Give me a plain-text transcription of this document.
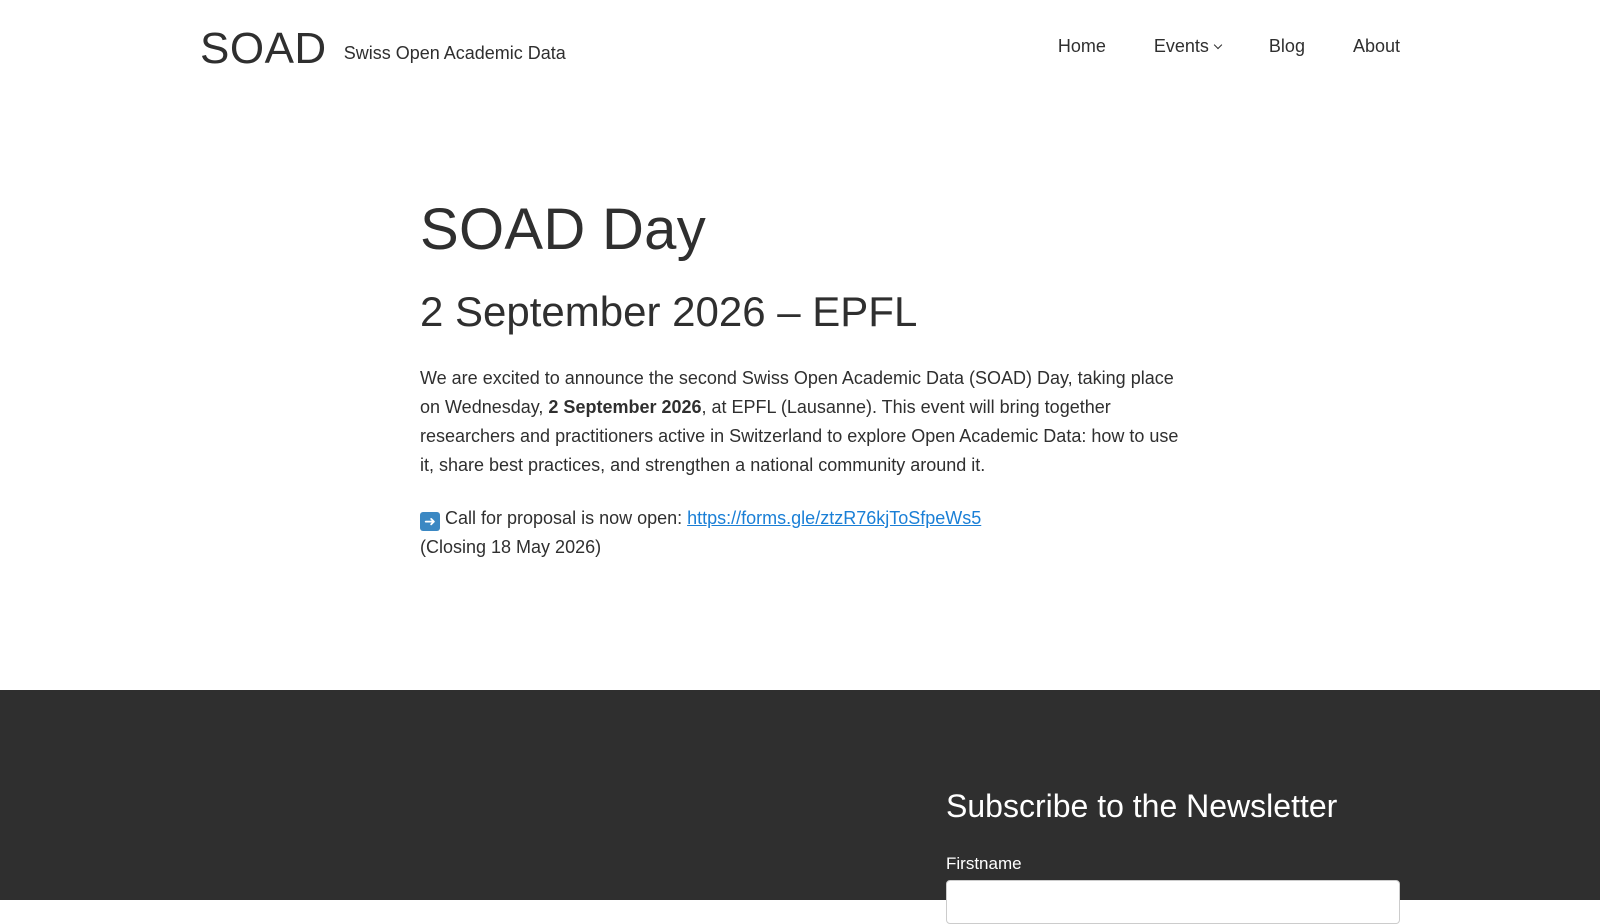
SOAD Swiss Open Academic Data	Home	Events	Blog	About
SOAD Day
2 September 2026 – EPFL

We are excited to announce the second Swiss Open Academic Data (SOAD) Day, taking place on Wednesday, 2 September 2026, at EPFL (Lausanne). This event will bring together researchers and practitioners active in Switzerland to explore Open Academic Data: how to use it, share best practices, and strengthen a national community around it.

➜ Call for proposal is now open: https://forms.gle/ztzR76kjToSfpeWs5
(Closing 18 May 2026)

Subscribe to the Newsletter
Firstname
